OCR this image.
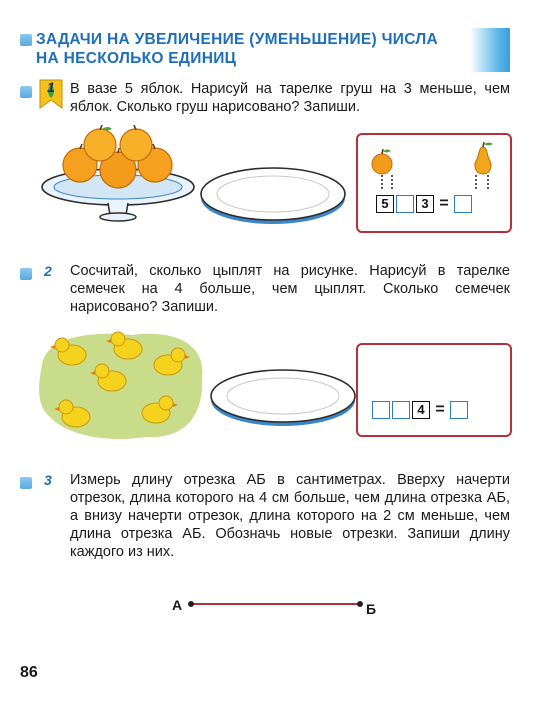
ЗАДАЧИ НА УВЕЛИЧЕНИЕ (УМЕНЬШЕНИЕ) ЧИСЛА
НА НЕСКОЛЬКО ЕДИНИЦ
1 В вазе 5 яблок. Нарисуй на тарелке груш на 3 меньше, чем яблок. Сколько груш нарисовано? Запиши.
5	3 =
2 Сосчитай, сколько цыплят на рисунке. Нарисуй в тарелке семечек на 4 больше, чем цыплят. Сколько семечек нарисовано? Запиши.
4 =
3 Измерь длину отрезка АБ в сантиметрах. Вверху начерти отрезок, длина которого на 4 см больше, чем длина отрезка АБ, а внизу начерти отрезок, длина которого на 2 см меньше, чем длина отрезка АБ. Обозначь новые отрезки. Запиши длину каждого из них.
А	Б
86
